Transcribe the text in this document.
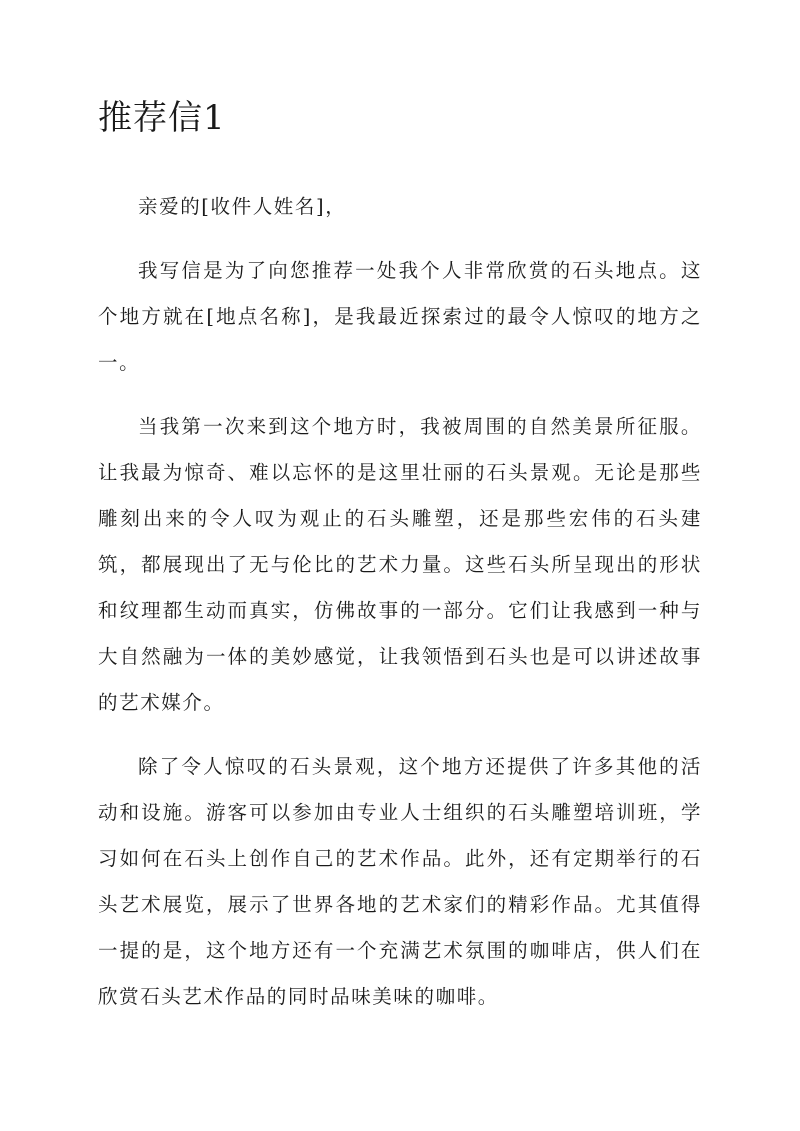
推荐信1

亲爱的[收件人姓名]，

我写信是为了向您推荐一处我个人非常欣赏的石头地点。这个地方就在[地点名称]，是我最近探索过的最令人惊叹的地方之一。

当我第一次来到这个地方时，我被周围的自然美景所征服。让我最为惊奇、难以忘怀的是这里壮丽的石头景观。无论是那些雕刻出来的令人叹为观止的石头雕塑，还是那些宏伟的石头建筑，都展现出了无与伦比的艺术力量。这些石头所呈现出的形状和纹理都生动而真实，仿佛故事的一部分。它们让我感到一种与大自然融为一体的美妙感觉，让我领悟到石头也是可以讲述故事的艺术媒介。

除了令人惊叹的石头景观，这个地方还提供了许多其他的活动和设施。游客可以参加由专业人士组织的石头雕塑培训班，学习如何在石头上创作自己的艺术作品。此外，还有定期举行的石头艺术展览，展示了世界各地的艺术家们的精彩作品。尤其值得一提的是，这个地方还有一个充满艺术氛围的咖啡店，供人们在欣赏石头艺术作品的同时品味美味的咖啡。
